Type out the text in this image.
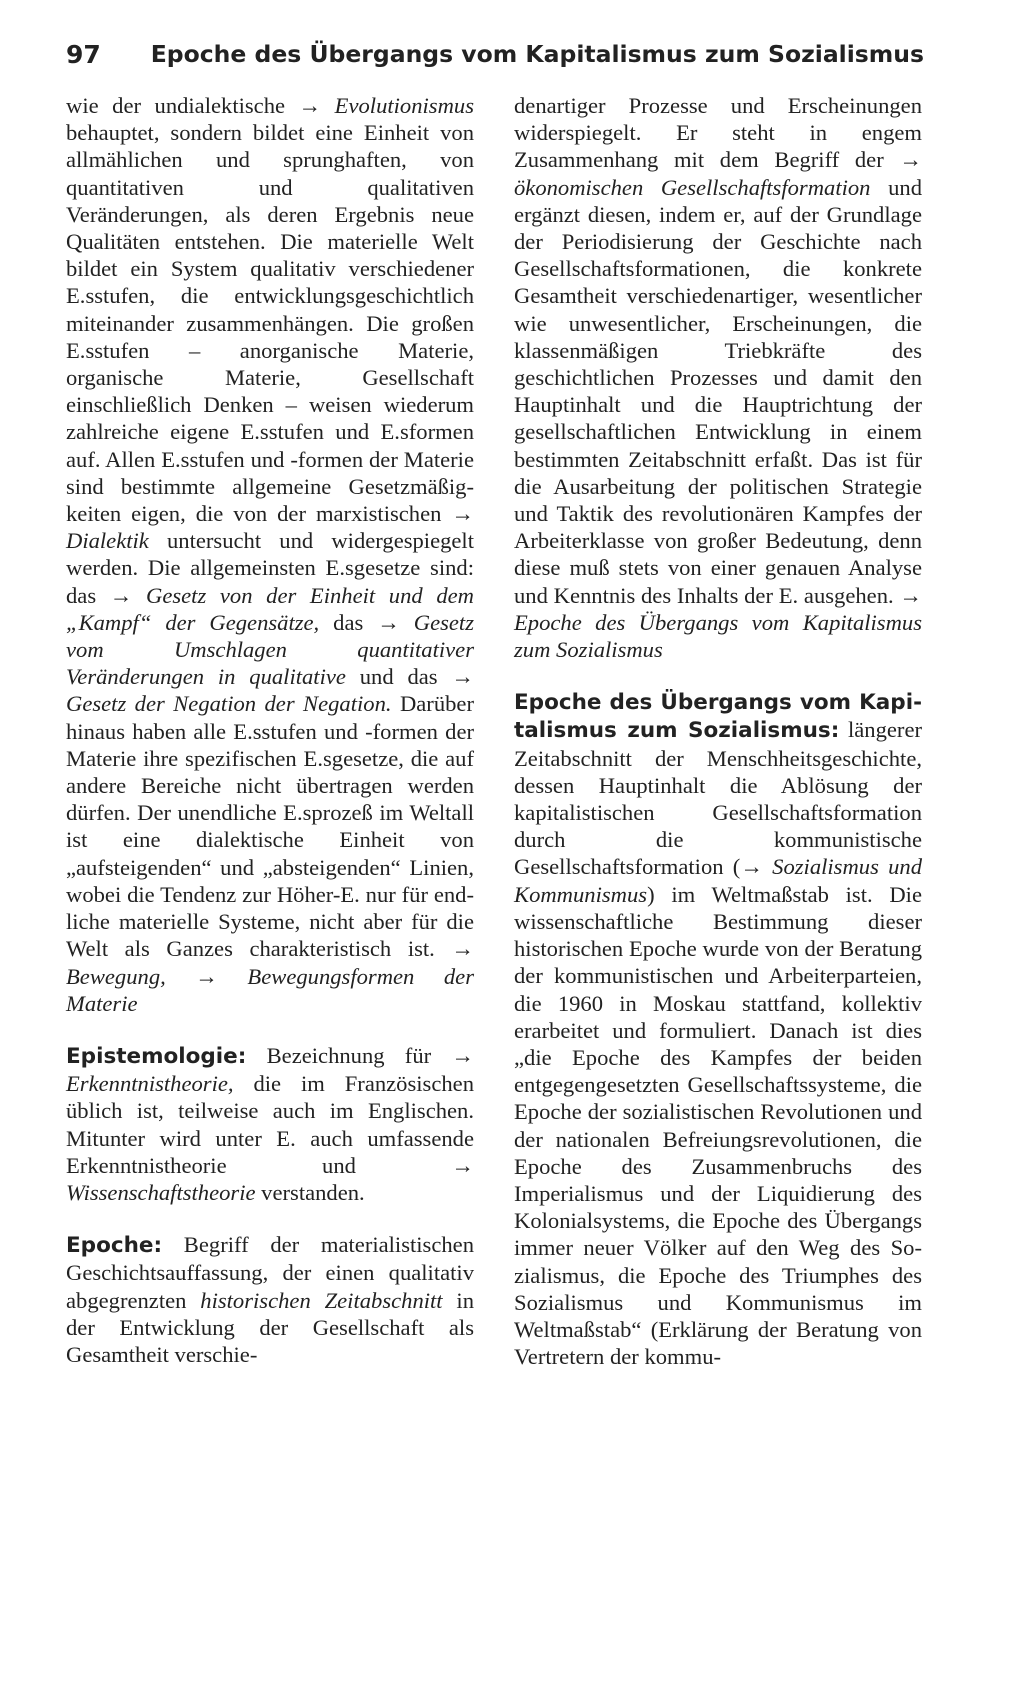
97 Epoche des Übergangs vom Kapitalismus zum Sozialismus

wie der undialektische → Evolutionismus behauptet, sondern bildet eine Einheit von allmählichen und sprunghaften, von quantitativen und qualitativen Veränderungen, als deren Ergebnis neue Qualitäten entstehen. Die materielle Welt bildet ein System qualitativ verschiedener E.sstufen, die entwicklungsgeschichtlich miteinander zusammenhängen. Die großen E.sstufen – anorganische Materie, organische Materie, Gesellschaft einschließlich Denken – weisen wiederum zahlreiche eigene E.sstufen und E.sformen auf. Allen E.sstufen und -formen der Materie sind bestimmte allgemeine Gesetzmäßigkeiten eigen, die von der marxistischen → Dialektik untersucht und widergespiegelt werden. Die allgemeinsten E.sgesetze sind: das → Gesetz von der Einheit und dem „Kampf“ der Gegensätze, das → Gesetz vom Umschlagen quantitativer Veränderungen in qualitative und das → Gesetz der Negation der Negation. Darüber hinaus haben alle E.sstufen und -formen der Materie ihre spezifischen E.sgesetze, die auf andere Bereiche nicht übertragen werden dürfen. Der unendliche E.sprozeß im Weltall ist eine dialektische Einheit von „aufsteigenden“ und „absteigenden“ Linien, wobei die Tendenz zur Höher-E. nur für endliche materielle Systeme, nicht aber für die Welt als Ganzes charakteristisch ist. → Bewegung, → Bewegungsformen der Materie

Epistemologie: Bezeichnung für → Erkenntnistheorie, die im Französischen üblich ist, teilweise auch im Englischen. Mitunter wird unter E. auch umfassende Erkenntnistheorie und → Wissenschaftstheorie verstanden.

Epoche: Begriff der materialistischen Geschichtsauffassung, der einen qualitativ abgegrenzten historischen Zeitabschnitt in der Entwicklung der Gesellschaft als Gesamtheit verschie-

denartiger Prozesse und Erscheinungen widerspiegelt. Er steht in engem Zusammenhang mit dem Begriff der → ökonomischen Gesellschaftsformation und ergänzt diesen, indem er, auf der Grundlage der Periodisierung der Geschichte nach Gesellschaftsformationen, die konkrete Gesamtheit verschiedenartiger, wesentlicher wie unwesentlicher, Erscheinungen, die klassenmäßigen Triebkräfte des geschichtlichen Prozesses und damit den Hauptinhalt und die Hauptrichtung der gesellschaftlichen Entwicklung in einem bestimmten Zeitabschnitt erfaßt. Das ist für die Ausarbeitung der politischen Strategie und Taktik des revolutionären Kampfes der Arbeiterklasse von großer Bedeutung, denn diese muß stets von einer genauen Analyse und Kenntnis des Inhalts der E. ausgehen. → Epoche des Übergangs vom Kapitalismus zum Sozialismus

Epoche des Übergangs vom Kapitalismus zum Sozialismus: längerer Zeitabschnitt der Menschheitsgeschichte, dessen Hauptinhalt die Ablösung der kapitalistischen Gesellschaftsformation durch die kommunistische Gesellschaftsformation (→ Sozialismus und Kommunismus) im Weltmaßstab ist. Die wissenschaftliche Bestimmung dieser historischen Epoche wurde von der Beratung der kommunistischen und Arbeiterparteien, die 1960 in Moskau stattfand, kollektiv erarbeitet und formuliert. Danach ist dies „die Epoche des Kampfes der beiden entgegengesetzten Gesellschaftssysteme, die Epoche der sozialistischen Revolutionen und der nationalen Befreiungsrevolutionen, die Epoche des Zusammenbruchs des Imperialismus und der Liquidierung des Kolonialsystems, die Epoche des Übergangs immer neuer Völker auf den Weg des Sozialismus, die Epoche des Triumphes des Sozialismus und Kommunismus im Weltmaßstab“ (Erklärung der Beratung von Vertretern der kommu-
